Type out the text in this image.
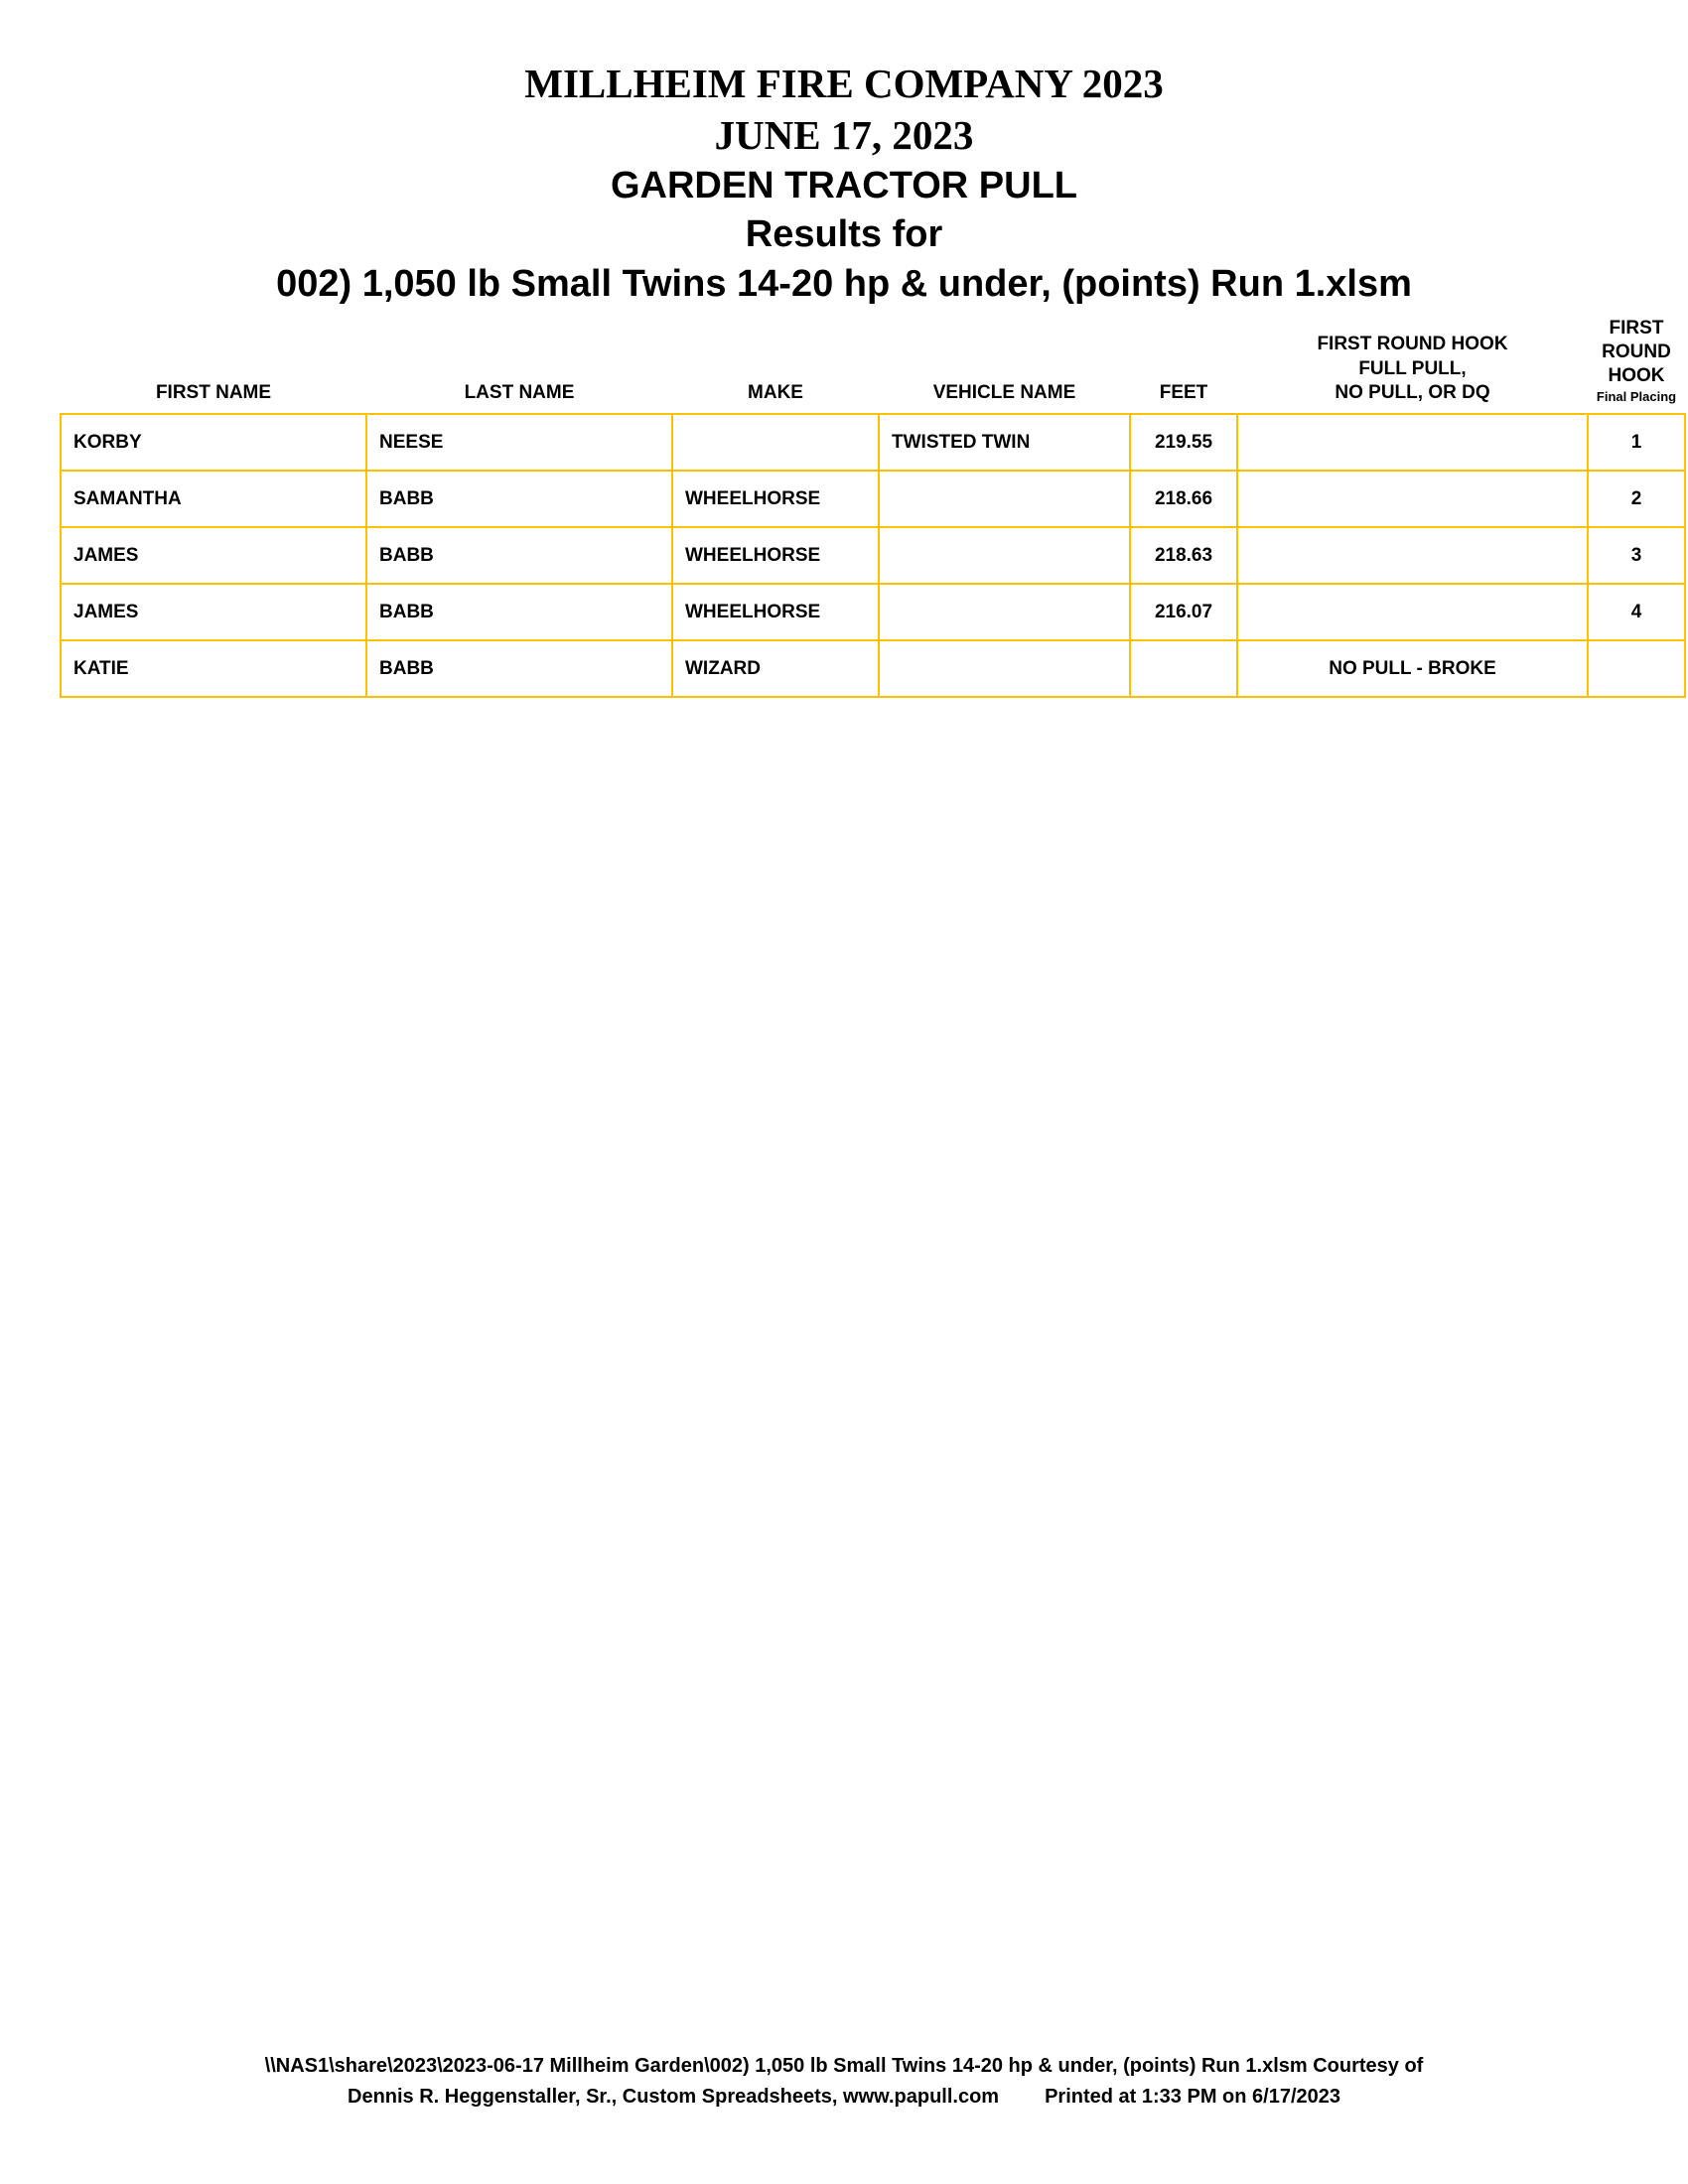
MILLHEIM FIRE COMPANY 2023
JUNE 17, 2023
GARDEN TRACTOR PULL
Results for
002) 1,050 lb Small Twins 14-20 hp & under, (points) Run 1.xlsm
FIRST NAME	LAST NAME	MAKE	VEHICLE NAME	FEET	
FIRST ROUND HOOK
FULL PULL,
NO PULL, OR DQ

FIRST ROUND
HOOK
Final Placing

KORBY	NEESE		TWISTED TWIN	219.55		1
SAMANTHA	BABB	WHEELHORSE		218.66		2
JAMES	BABB	WHEELHORSE		218.63		3
JAMES	BABB	WHEELHORSE		216.07		4
KATIE	BABB	WIZARD			NO PULL - BROKE	
\\NAS1\share\2023\2023-06-17 Millheim Garden\002) 1,050 lb Small Twins 14-20 hp & under, (points) Run 1.xlsm Courtesy of
Dennis R. Heggenstaller, Sr., Custom Spreadsheets, www.papull.com Printed at 1:33 PM on 6/17/2023
